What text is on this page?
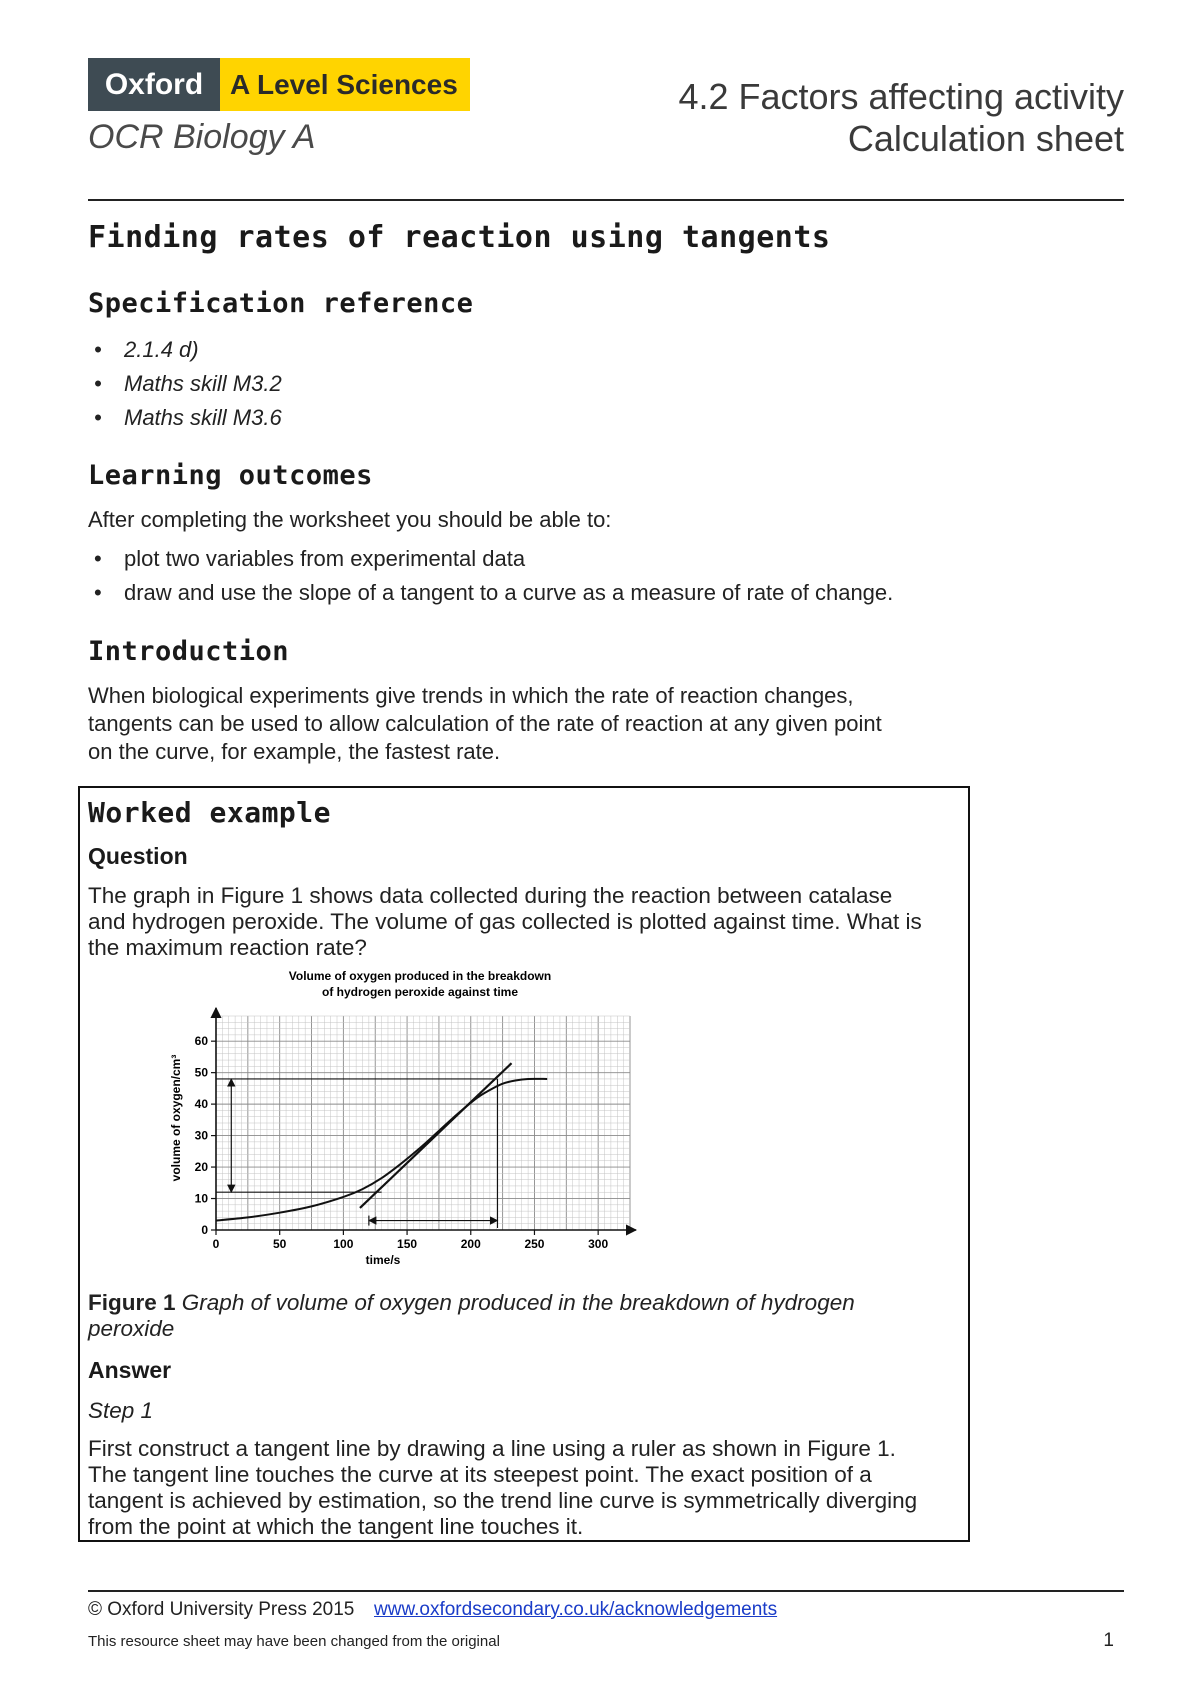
Oxford A Level Sciences
OCR Biology A
4.2 Factors affecting activity
Calculation sheet
Finding rates of reaction using tangents
Specification reference
• 2.1.4 d)
• Maths skill M3.2
• Maths skill M3.6
Learning outcomes
After completing the worksheet you should be able to:
• plot two variables from experimental data
• draw and use the slope of a tangent to a curve as a measure of rate of change.
Introduction
When biological experiments give trends in which the rate of reaction changes,
tangents can be used to allow calculation of the rate of reaction at any given point
on the curve, for example, the fastest rate.
Worked example
Question
The graph in Figure 1 shows data collected during the reaction between catalase
and hydrogen peroxide. The volume of gas collected is plotted against time. What is
the maximum reaction rate?
0	50	100	150	200	250	300
0
10
20
30
40
50
60
Volume of oxygen produced in the breakdown
of hydrogen peroxide against time
time/s
volume of oxygen/cm³
Figure 1 Graph of volume of oxygen produced in the breakdown of hydrogen
peroxide
Answer
Step 1
First construct a tangent line by drawing a line using a ruler as shown in Figure 1.
The tangent line touches the curve at its steepest point. The exact position of a
tangent is achieved by estimation, so the trend line curve is symmetrically diverging
from the point at which the tangent line touches it.
© Oxford University Press 2015 www.oxfordsecondary.co.uk/acknowledgements
This resource sheet may have been changed from the original	1
